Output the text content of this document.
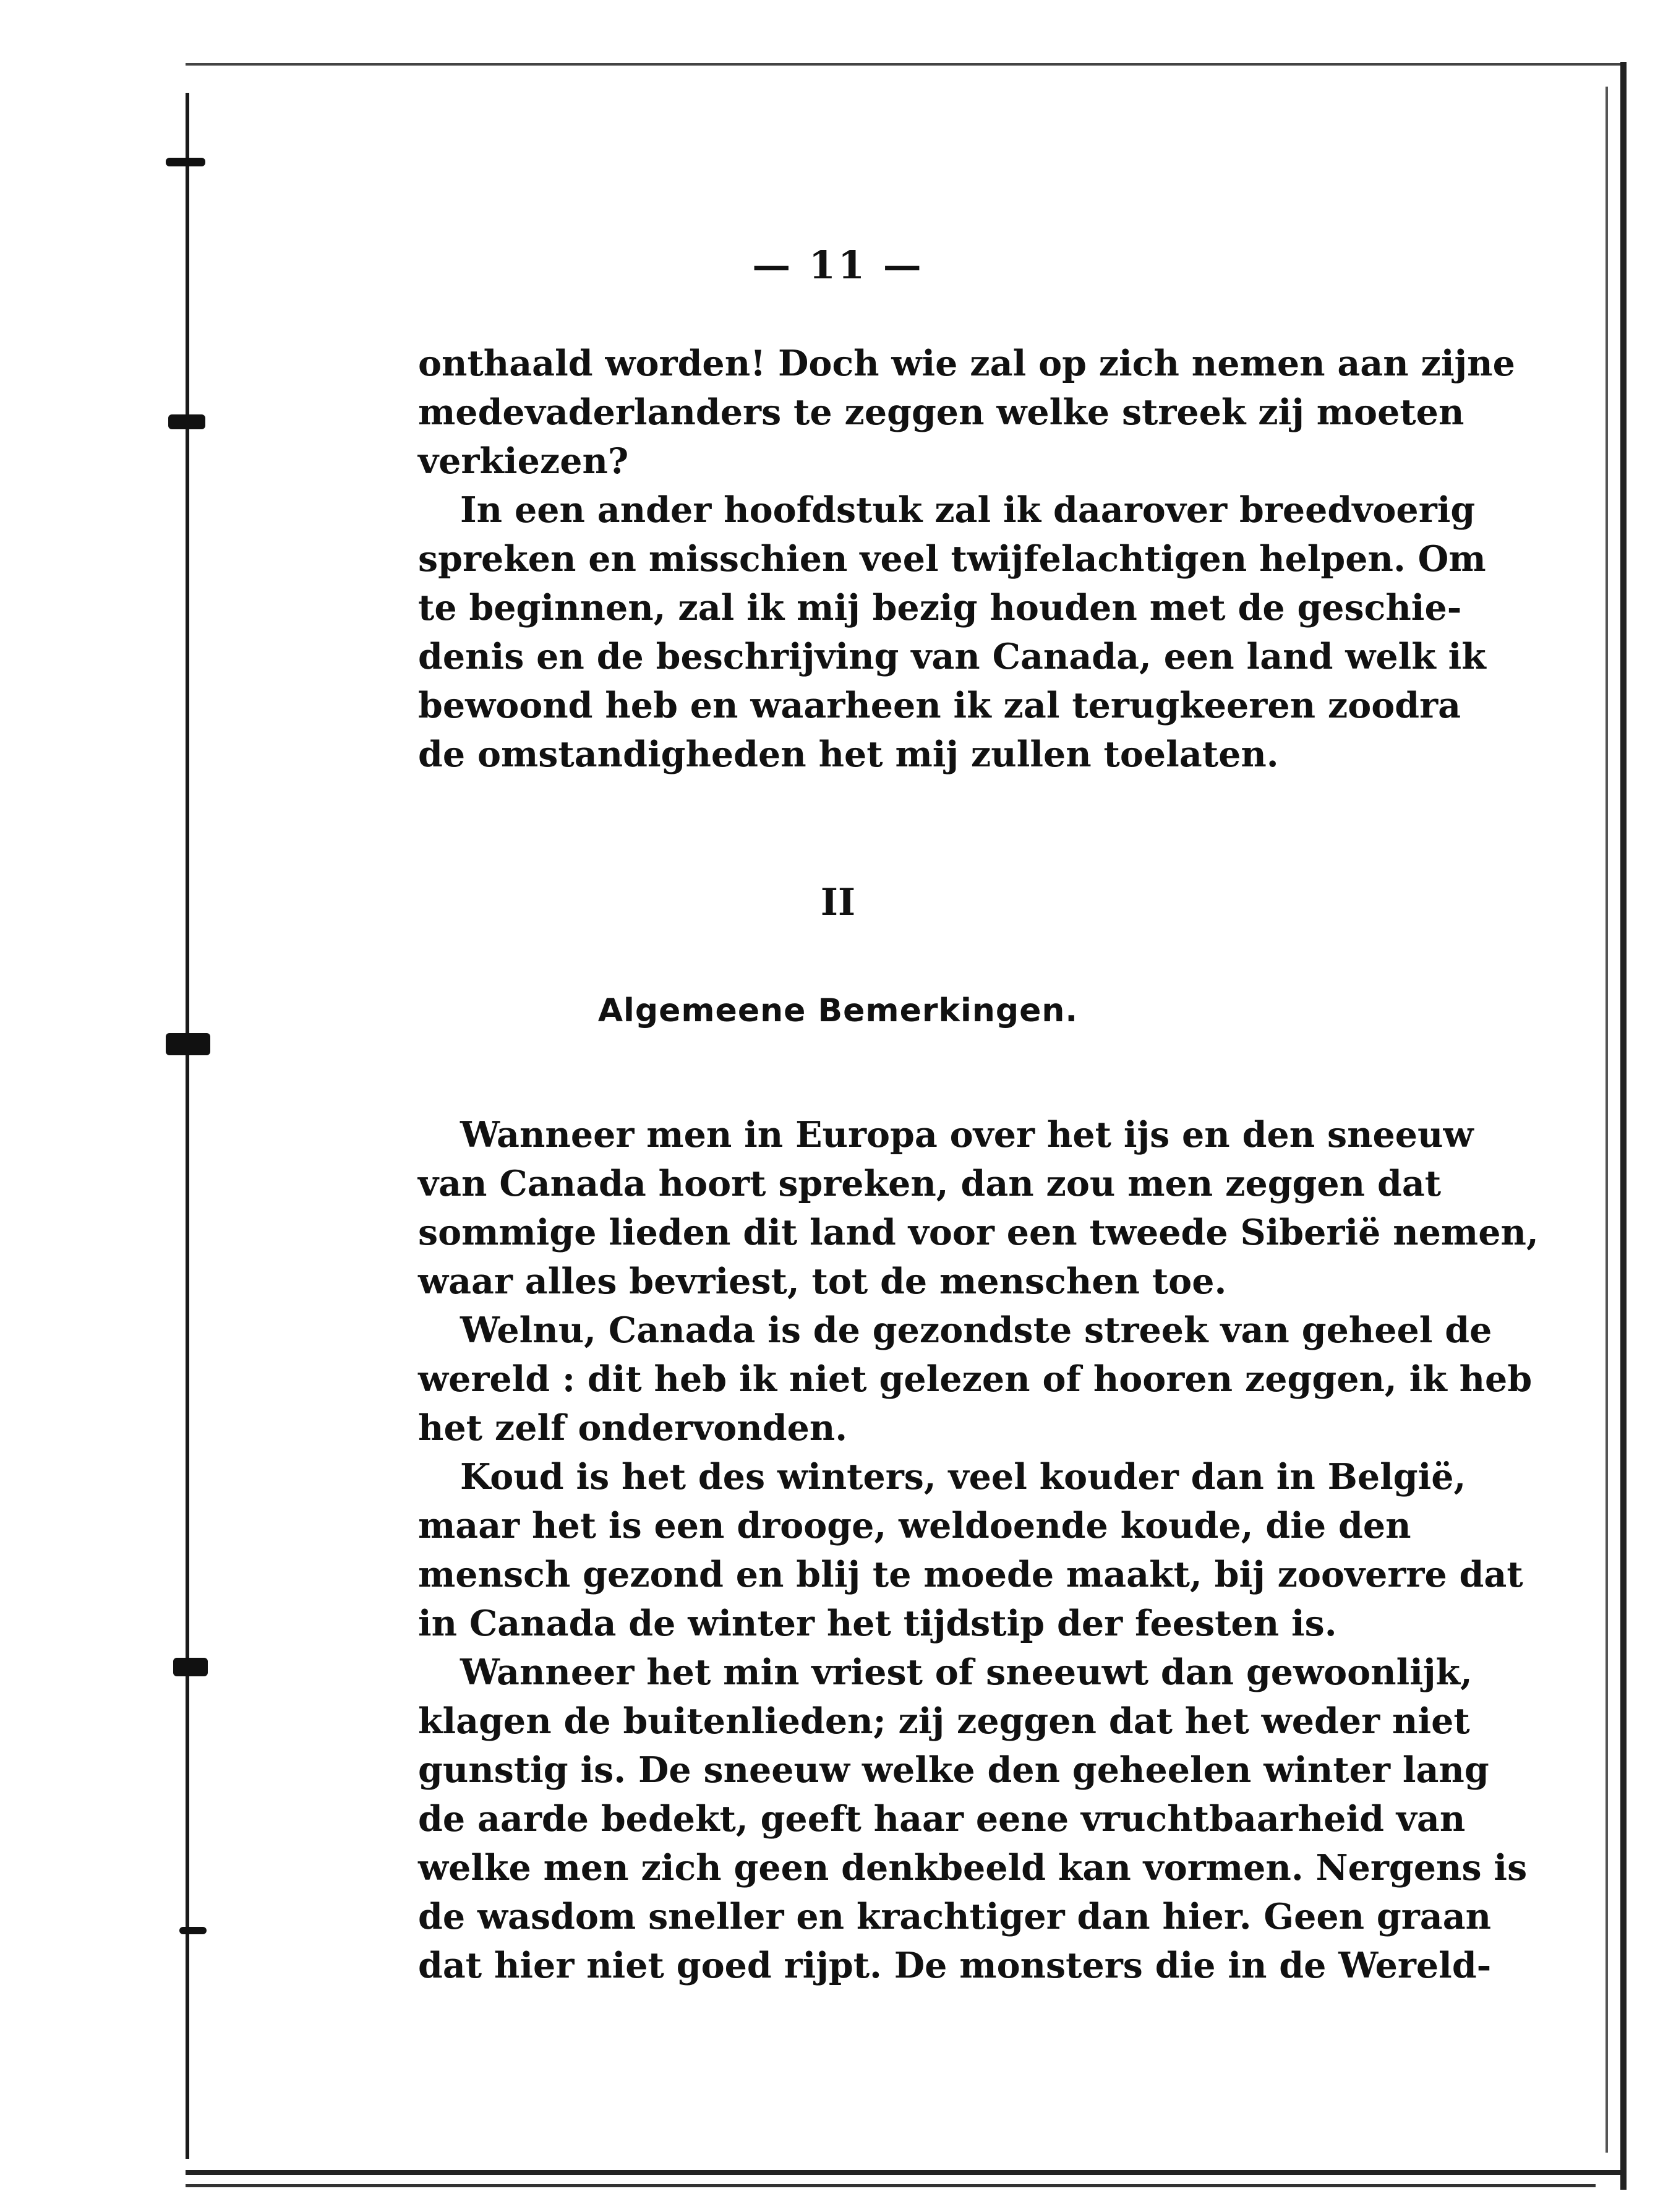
— 11 —

onthaald worden! Doch wie zal op zich nemen aan zijne
medevaderlanders te zeggen welke streek zij moeten
verkiezen?

In een ander hoofdstuk zal ik daarover breedvoerig
spreken en misschien veel twijfelachtigen helpen. Om
te beginnen, zal ik mij bezig houden met de geschie-
denis en de beschrijving van Canada, een land welk ik
bewoond heb en waarheen ik zal terugkeeren zoodra
de omstandigheden het mij zullen toelaten.

II
Algemeene Bemerkingen.

Wanneer men in Europa over het ijs en den sneeuw
van Canada hoort spreken, dan zou men zeggen dat
sommige lieden dit land voor een tweede Siberië nemen,
waar alles bevriest, tot de menschen toe.

Welnu, Canada is de gezondste streek van geheel de
wereld : dit heb ik niet gelezen of hooren zeggen, ik heb
het zelf ondervonden.

Koud is het des winters, veel kouder dan in België,
maar het is een drooge, weldoende koude, die den
mensch gezond en blij te moede maakt, bij zooverre dat
in Canada de winter het tijdstip der feesten is.

Wanneer het min vriest of sneeuwt dan gewoonlijk,
klagen de buitenlieden; zij zeggen dat het weder niet
gunstig is. De sneeuw welke den geheelen winter lang
de aarde bedekt, geeft haar eene vruchtbaarheid van
welke men zich geen denkbeeld kan vormen. Nergens is
de wasdom sneller en krachtiger dan hier. Geen graan
dat hier niet goed rijpt. De monsters die in de Wereld-
